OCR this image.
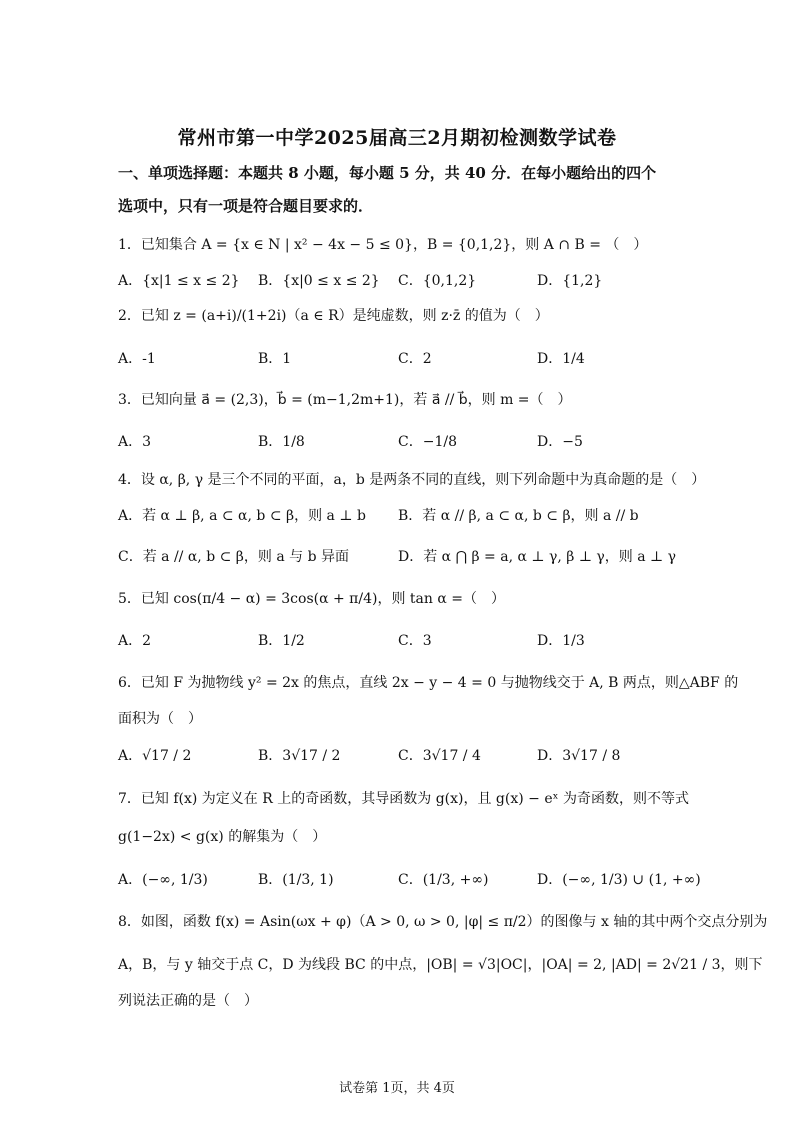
常州市第一中学2025届高三2月期初检测数学试卷
一、单项选择题：本题共 8 小题，每小题 5 分，共 40 分．在每小题给出的四个
选项中，只有一项是符合题目要求的．
1．已知集合 A = {x ∈ N | x² − 4x − 5 ≤ 0}，B = {0,1,2}，则 A ∩ B = （　）
A．{x|1 ≤ x ≤ 2} B．{x|0 ≤ x ≤ 2} C．{0,1,2}	D．{1,2}
2．已知 z = (a+i)/(1+2i)（a ∈ R）是纯虚数，则 z·z̄ 的值为（　）
A．-1	B．1	C．2	D．1/4
3．已知向量 a⃗ = (2,3)，b⃗ = (m−1,2m+1)，若 a⃗ // b⃗，则 m =（　）
A．3	B．1/8	C．−1/8	D．−5
4．设 α, β, γ 是三个不同的平面，a，b 是两条不同的直线，则下列命题中为真命题的是（　）
A．若 α ⊥ β, a ⊂ α, b ⊂ β，则 a ⊥ b B．若 α // β, a ⊂ α, b ⊂ β，则 a // b
C．若 a // α, b ⊂ β，则 a 与 b 异面	D．若 α ⋂ β = a, α ⊥ γ, β ⊥ γ，则 a ⊥ γ
5．已知 cos(π/4 − α) = 3cos(α + π/4)，则 tan α =（　）
A．2	B．1/2	C．3	D．1/3
6．已知 F 为抛物线 y² = 2x 的焦点，直线 2x − y − 4 = 0 与抛物线交于 A, B 两点，则△ABF 的
面积为（　）
A．√17 / 2	B．3√17 / 2	C．3√17 / 4	D．3√17 / 8
7．已知 f(x) 为定义在 R 上的奇函数，其导函数为 g(x)，且 g(x) − eˣ 为奇函数，则不等式
g(1−2x) < g(x) 的解集为（　）
A．(−∞, 1/3)	B．(1/3, 1)	C．(1/3, +∞)	D．(−∞, 1/3) ∪ (1, +∞)
8．如图，函数 f(x) = Asin(ωx + φ)（A > 0, ω > 0, |φ| ≤ π/2）的图像与 x 轴的其中两个交点分别为
A，B，与 y 轴交于点 C，D 为线段 BC 的中点，|OB| = √3|OC|，|OA| = 2, |AD| = 2√21 / 3，则下
列说法正确的是（　）
试卷第 1页，共 4页
